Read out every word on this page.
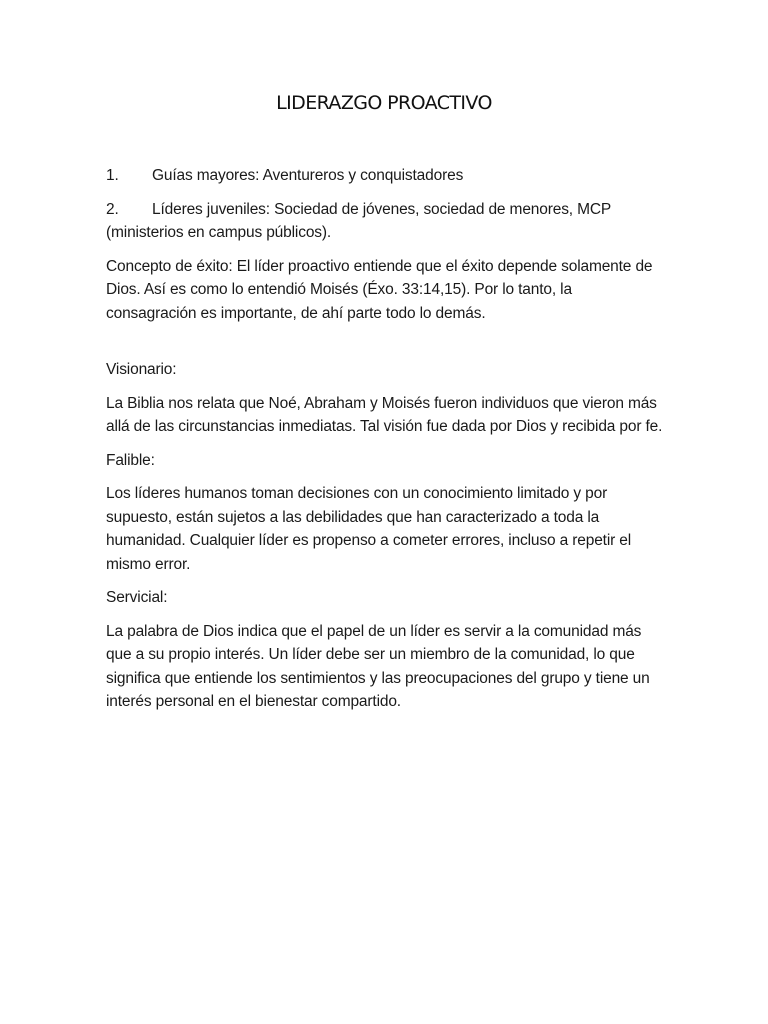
LIDERAZGO PROACTIVO

1. Guías mayores: Aventureros y conquistadores

2. Líderes juveniles: Sociedad de jóvenes, sociedad de menores, MCP (ministerios en campus públicos).

Concepto de éxito: El líder proactivo entiende que el éxito depende solamente de Dios. Así es como lo entendió Moisés (Éxo. 33:14,15). Por lo tanto, la consagración es importante, de ahí parte todo lo demás.

Visionario:

La Biblia nos relata que Noé, Abraham y Moisés fueron individuos que vieron más allá de las circunstancias inmediatas. Tal visión fue dada por Dios y recibida por fe.

Falible:

Los líderes humanos toman decisiones con un conocimiento limitado y por supuesto, están sujetos a las debilidades que han caracterizado a toda la humanidad. Cualquier líder es propenso a cometer errores, incluso a repetir el mismo error.

Servicial:

La palabra de Dios indica que el papel de un líder es servir a la comunidad más que a su propio interés. Un líder debe ser un miembro de la comunidad, lo que significa que entiende los sentimientos y las preocupaciones del grupo y tiene un interés personal en el bienestar compartido.
